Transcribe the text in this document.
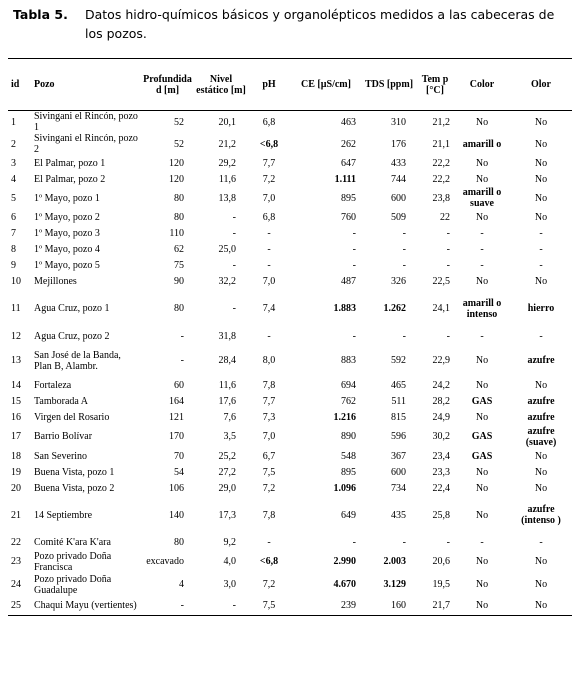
Tabla 5. Datos hidro-químicos básicos y organolépticos medidos a las cabeceras de los pozos.
id	Pozo	Profundida d [m]	Nivel estático [m]	pH	CE [µS/cm]	TDS [ppm]	Tem p [°C]	Color	Olor
1	Sivingani el Rincón, pozo 1	52	20,1	6,8	463	310	21,2	No	No
2	Sivingani el Rincón, pozo 2	52	21,2	<6,8	262	176	21,1	amarill o	No
3	El Palmar, pozo 1	120	29,2	7,7	647	433	22,2	No	No
4	El Palmar, pozo 2	120	11,6	7,2	1.111	744	22,2	No	No
5	1º Mayo, pozo 1	80	13,8	7,0	895	600	23,8	amarill o suave	No
6	1º Mayo, pozo 2	80	-	6,8	760	509	22	No	No
7	1º Mayo, pozo 3	110	-	-	-	-	-	-	-
8	1º Mayo, pozo 4	62	25,0	-	-	-	-	-	-
9	1º Mayo, pozo 5	75	-	-	-	-	-	-	-
10	Mejillones	90	32,2	7,0	487	326	22,5	No	No
11	Agua Cruz, pozo 1	80	-	7,4	1.883	1.262	24,1	amarill o intenso	hierro
12	Agua Cruz, pozo 2	-	31,8	-	-	-	-	-	-
13	San José de la Banda, Plan B, Alambr.	-	28,4	8,0	883	592	22,9	No	azufre
14	Fortaleza	60	11,6	7,8	694	465	24,2	No	No
15	Tamborada A	164	17,6	7,7	762	511	28,2	GAS	azufre
16	Virgen del Rosario	121	7,6	7,3	1.216	815	24,9	No	azufre
17	Barrio Bolívar	170	3,5	7,0	890	596	30,2	GAS	azufre (suave)
18	San Severino	70	25,2	6,7	548	367	23,4	GAS	No
19	Buena Vista, pozo 1	54	27,2	7,5	895	600	23,3	No	No
20	Buena Vista, pozo 2	106	29,0	7,2	1.096	734	22,4	No	No
21	14 Septiembre	140	17,3	7,8	649	435	25,8	No	azufre (intenso )
22	Comité K'ara K'ara	80	9,2	-	-	-	-	-	-
23	Pozo privado Doña Francisca	excavado	4,0	<6,8	2.990	2.003	20,6	No	No
24	Pozo privado Doña Guadalupe	4	3,0	7,2	4.670	3.129	19,5	No	No
25	Chaqui Mayu (vertientes)	-	-	7,5	239	160	21,7	No	No
